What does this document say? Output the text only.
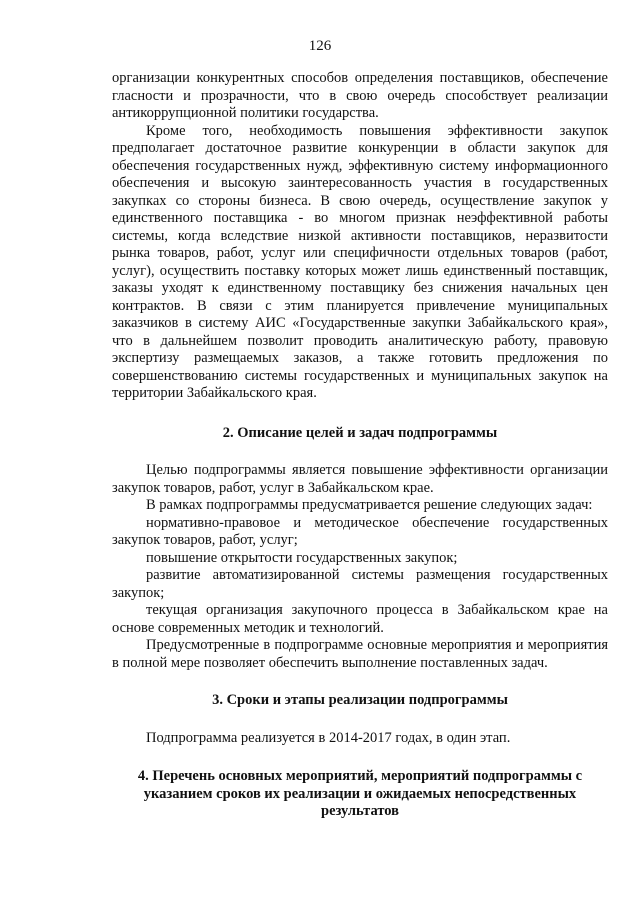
126

организации конкурентных способов определения поставщиков, обеспечение гласности и прозрачности, что в свою очередь способствует реализации антикоррупционной политики государства.

Кроме того, необходимость повышения эффективности закупок предполагает достаточное развитие конкуренции в области закупок для обеспечения государственных нужд, эффективную систему информационного обеспечения и высокую заинтересованность участия в государственных закупках со стороны бизнеса. В свою очередь, осуществление закупок у единственного поставщика - во многом признак неэффективной работы системы, когда вследствие низкой активности поставщиков, неразвитости рынка товаров, работ, услуг или специфичности отдельных товаров (работ, услуг), осуществить поставку которых может лишь единственный поставщик, заказы уходят к единственному поставщику без снижения начальных цен контрактов. В связи с этим планируется привлечение муниципальных заказчиков в систему АИС «Государственные закупки Забайкальского края», что в дальнейшем позволит проводить аналитическую работу, правовую экспертизу размещаемых заказов, а также готовить предложения по совершенствованию системы государственных и муниципальных закупок на территории Забайкальского края.

2. Описание целей и задач подпрограммы

Целью подпрограммы является повышение эффективности организации закупок товаров, работ, услуг в Забайкальском крае.

В рамках подпрограммы предусматривается решение следующих задач:

нормативно-правовое и методическое обеспечение государственных закупок товаров, работ, услуг;

повышение открытости государственных закупок;

развитие автоматизированной системы размещения государственных закупок;

текущая организация закупочного процесса в Забайкальском крае на основе современных методик и технологий.

Предусмотренные в подпрограмме основные мероприятия и мероприятия в полной мере позволяет обеспечить выполнение поставленных задач.

3. Сроки и этапы реализации подпрограммы

Подпрограмма реализуется в 2014-2017 годах, в один этап.

4. Перечень основных мероприятий, мероприятий подпрограммы с указанием сроков их реализации и ожидаемых непосредственных результатов
